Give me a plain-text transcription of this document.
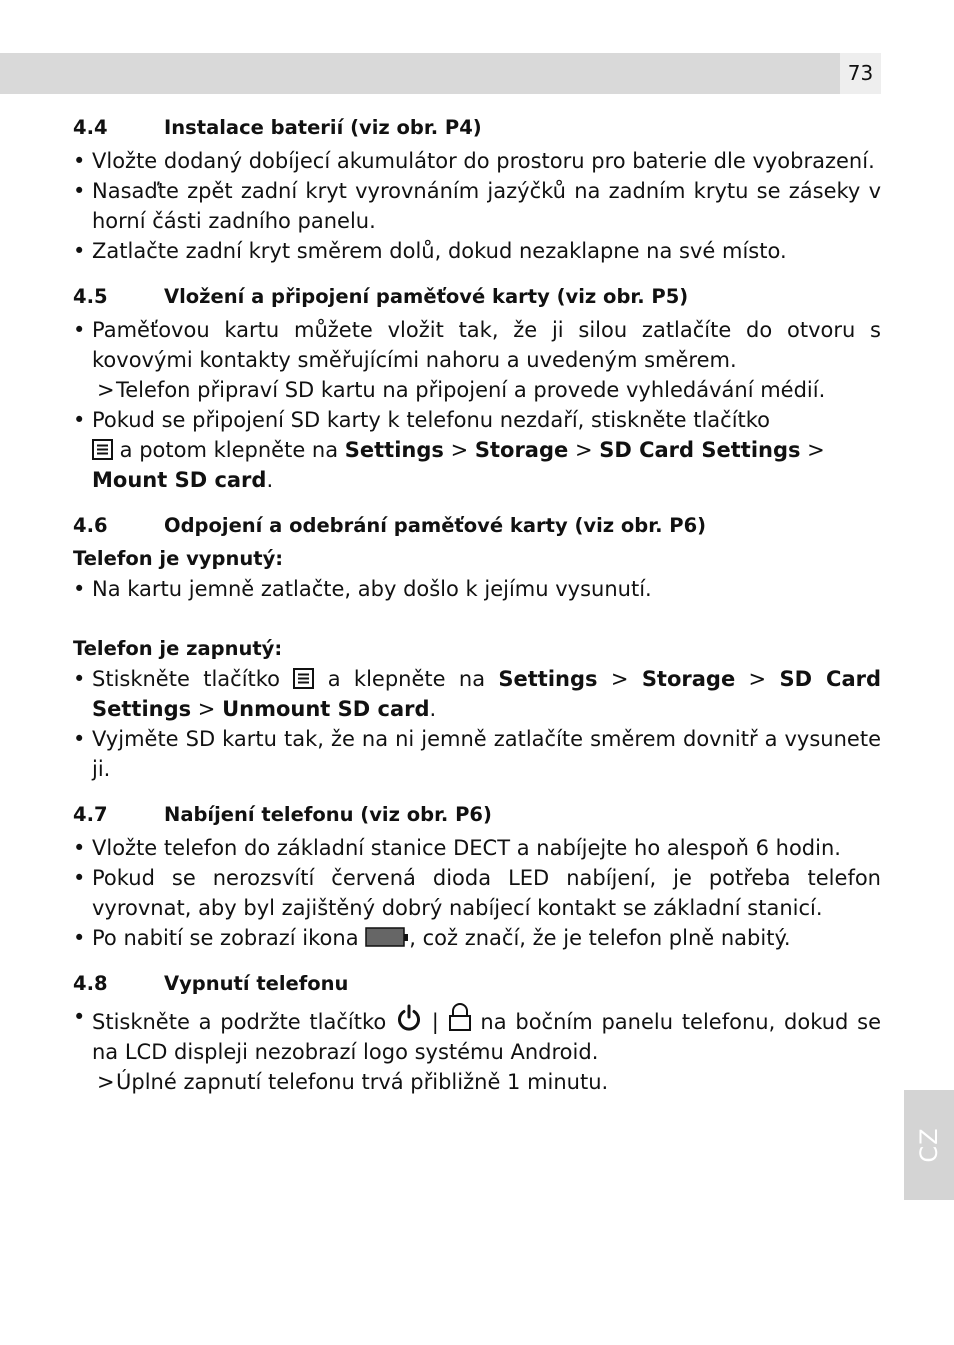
73
CZ
4.4	Instalace baterií (viz obr. P4)
• Vložte dodaný dobíjecí akumulátor do prostoru pro baterie dle vyobrazení.
• Nasaďte zpět zadní kryt vyrovnáním jazýčků na zadním krytu se záseky v horní části zadního panelu.
• Zatlačte zadní kryt směrem dolů, dokud nezaklapne na své místo.
4.5	Vložení a připojení paměťové karty (viz obr. P5)
• Paměťovou kartu můžete vložit tak, že ji silou zatlačíte do otvoru s kovovými kontakty směřujícími nahoru a uvedeným směrem.
> Telefon připraví SD kartu na připojení a provede vyhledávání médií.
• Pokud se připojení SD karty k telefonu nezdaří, stiskněte tlačítko

a potom klepněte na Settings > Storage > SD Card Settings >
Mount SD card.
4.6	Odpojení a odebrání paměťové karty (viz obr. P6)
Telefon je vypnutý:
• Na kartu jemně zatlačte, aby došlo k jejímu vysunutí.
Telefon je zapnutý:
• Stiskněte tlačítko
a klepněte na Settings > Storage > SD Card Settings > Unmount SD card.
• Vyjměte SD kartu tak, že na ni jemně zatlačíte směrem dovnitř a vysunete ji.
4.7	Nabíjení telefonu (viz obr. P6)
• Vložte telefon do základní stanice DECT a nabíjejte ho alespoň 6 hodin.
• Pokud se nerozsvítí červená dioda LED nabíjení, je potřeba telefon vyrovnat, aby byl zajištěný dobrý nabíjecí kontakt se základní stanicí.
• Po nabití se zobrazí ikona
, což značí, že je telefon plně nabitý.
4.8	Vypnutí telefonu
• Stiskněte a podržte tlačítko
|
na bočním panelu telefonu, dokud se na LCD displeji nezobrazí logo systému Android.
> Úplné zapnutí telefonu trvá přibližně 1 minutu.
